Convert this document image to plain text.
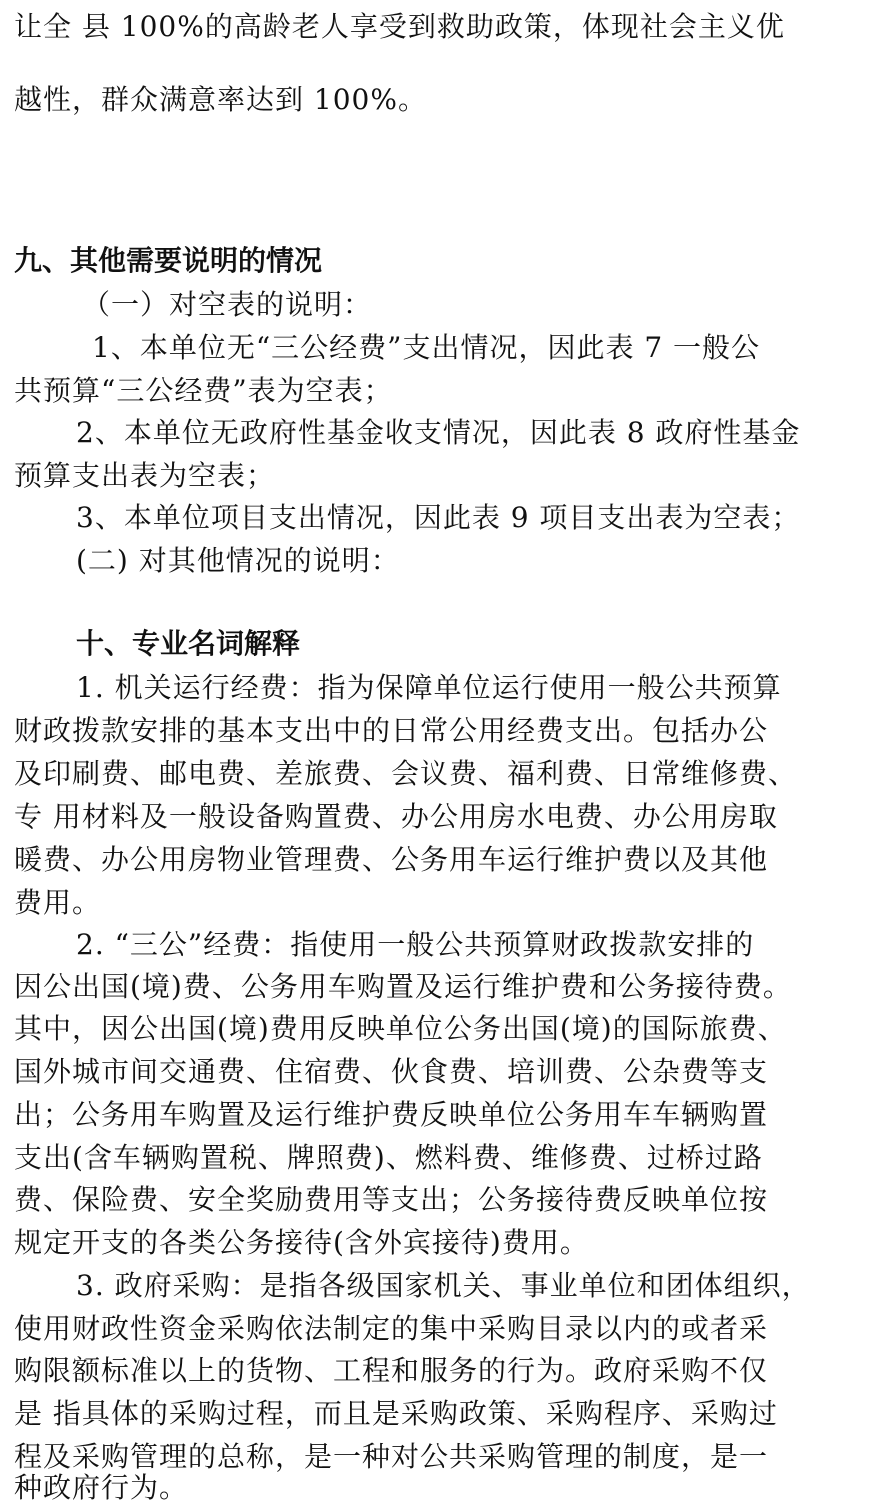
让全 县 100%的高龄老人享受到救助政策，体现社会主义优

越性，群众满意率达到 100%。

九、其他需要说明的情况

（一）对空表的说明：

1、本单位无“三公经费”支出情况，因此表 7 一般公

共预算“三公经费”表为空表；

2、本单位无政府性基金收支情况，因此表 8 政府性基金

预算支出表为空表；

3、本单位项目支出情况，因此表 9 项目支出表为空表；

(二) 对其他情况的说明：

十、专业名词解释

1. 机关运行经费：指为保障单位运行使用一般公共预算

财政拨款安排的基本支出中的日常公用经费支出。包括办公

及印刷费、邮电费、差旅费、会议费、福利费、日常维修费、

专 用材料及一般设备购置费、办公用房水电费、办公用房取

暖费、办公用房物业管理费、公务用车运行维护费以及其他

费用。

2. “三公”经费：指使用一般公共预算财政拨款安排的

因公出国(境)费、公务用车购置及运行维护费和公务接待费。

其中，因公出国(境)费用反映单位公务出国(境)的国际旅费、

国外城市间交通费、住宿费、伙食费、培训费、公杂费等支

出；公务用车购置及运行维护费反映单位公务用车车辆购置

支出(含车辆购置税、牌照费)、燃料费、维修费、过桥过路

费、保险费、安全奖励费用等支出；公务接待费反映单位按

规定开支的各类公务接待(含外宾接待)费用。

3. 政府采购：是指各级国家机关、事业单位和团体组织，

使用财政性资金采购依法制定的集中采购目录以内的或者采

购限额标准以上的货物、工程和服务的行为。政府采购不仅

是 指具体的采购过程，而且是采购政策、采购程序、采购过

程及采购管理的总称，是一种对公共采购管理的制度，是一

种政府行为。
